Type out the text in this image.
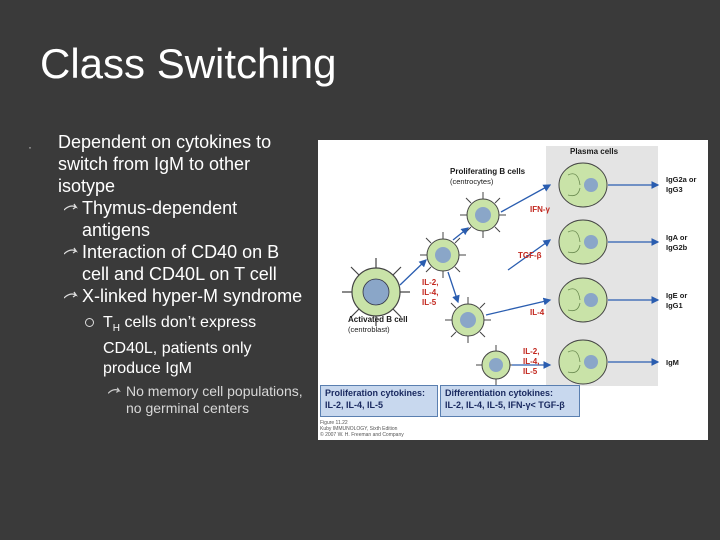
Class Switching
· Dependent on cytokines to switch from IgM to other isotype
Thymus-dependent antigens
Interaction of CD40 on B cell and CD40L on T cell
X-linked hyper-M syndrome
$T_H$ cells don’t express CD40L, patients only produce IgM
No memory cell populations, no germinal centers
Plasma cells
Proliferating B cells
(centrocytes)
Activated B cell
(centroblast)
IL-2,
IL-4,
IL-5
IFN-γ
TGF-β
IL-4
IL-2,
IL-4,
IL-5
IgG2a or
IgG3
IgA or
IgG2b
IgE or
IgG1
IgM
Proliferation cytokines:
IL-2, IL-4, IL-5
Differentiation cytokines:
IL-2, IL-4, IL-5, IFN-γ< TGF-β
Figure 11.22
Kuby IMMUNOLOGY, Sixth Edition
© 2007 W. H. Freeman and Company
